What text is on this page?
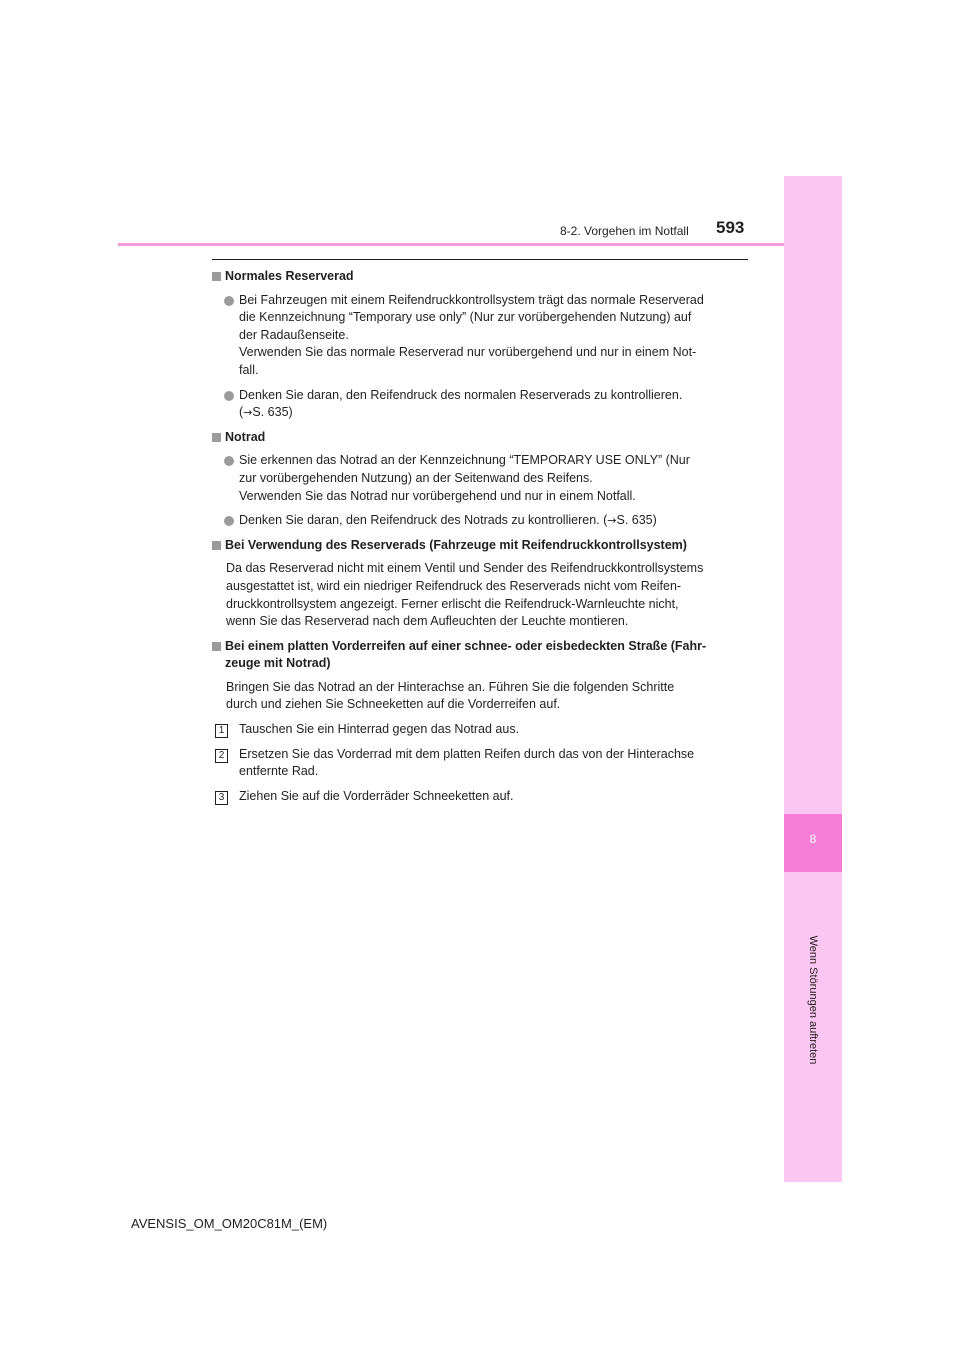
8-2. Vorgehen im Notfall 593
8
Wenn Störungen auftreten
Normales Reserverad
Bei Fahrzeugen mit einem Reifendruckkontrollsystem trägt das normale Reserverad
die Kennzeichnung “Temporary use only” (Nur zur vorübergehenden Nutzung) auf
der Radaußenseite.
Verwenden Sie das normale Reserverad nur vorübergehend und nur in einem Not-
fall.
Denken Sie daran, den Reifendruck des normalen Reserverads zu kontrollieren.
(→S. 635)
Notrad
Sie erkennen das Notrad an der Kennzeichnung “TEMPORARY USE ONLY” (Nur
zur vorübergehenden Nutzung) an der Seitenwand des Reifens.
Verwenden Sie das Notrad nur vorübergehend und nur in einem Notfall.
Denken Sie daran, den Reifendruck des Notrads zu kontrollieren. (→S. 635)
Bei Verwendung des Reserverads (Fahrzeuge mit Reifendruckkontrollsystem)
Da das Reserverad nicht mit einem Ventil und Sender des Reifendruckkontrollsystems
ausgestattet ist, wird ein niedriger Reifendruck des Reserverads nicht vom Reifen-
druckkontrollsystem angezeigt. Ferner erlischt die Reifendruck-Warnleuchte nicht,
wenn Sie das Reserverad nach dem Aufleuchten der Leuchte montieren.
Bei einem platten Vorderreifen auf einer schnee- oder eisbedeckten Straße (Fahr-
zeuge mit Notrad)
Bringen Sie das Notrad an der Hinterachse an. Führen Sie die folgenden Schritte
durch und ziehen Sie Schneeketten auf die Vorderreifen auf.
1 Tauschen Sie ein Hinterrad gegen das Notrad aus.
2 Ersetzen Sie das Vorderrad mit dem platten Reifen durch das von der Hinterachse
entfernte Rad.
3 Ziehen Sie auf die Vorderräder Schneeketten auf.
AVENSIS_OM_OM20C81M_(EM)
